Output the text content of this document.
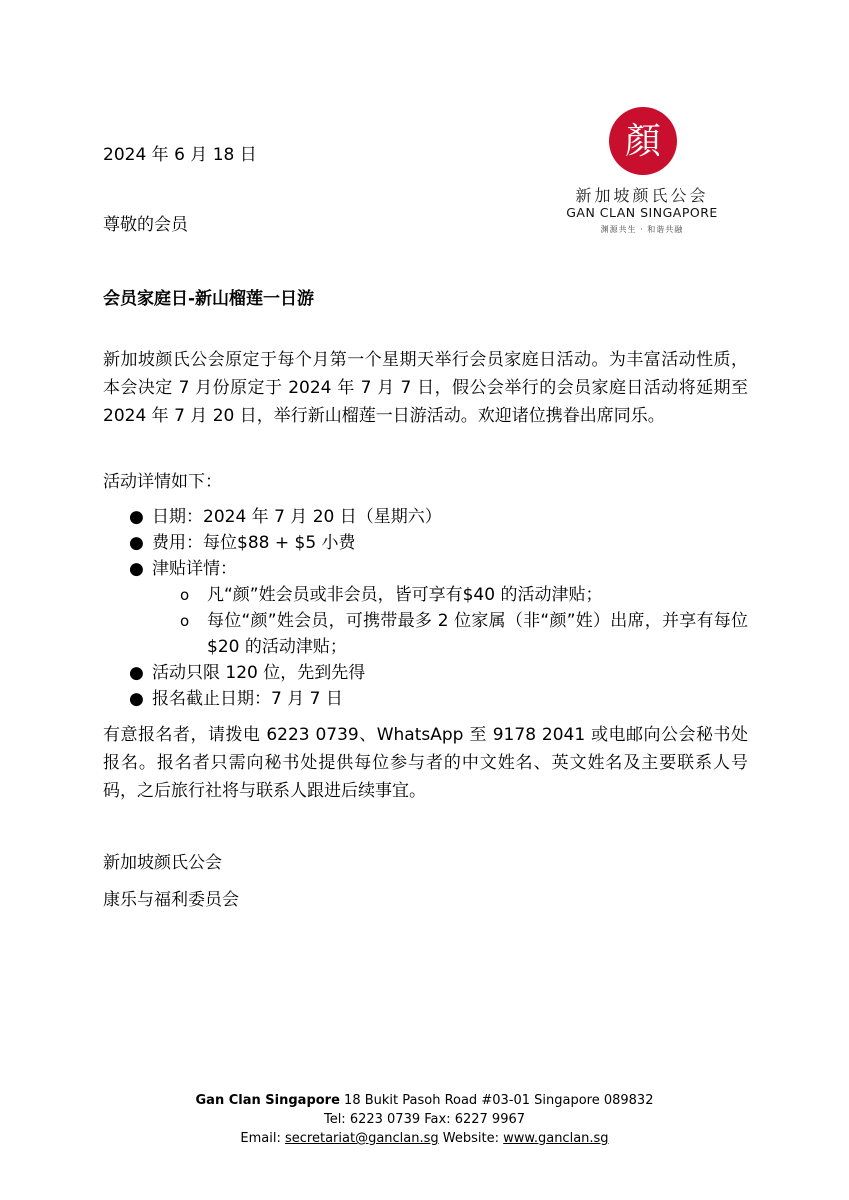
顏
新加坡颜氏公会
GAN CLAN SINGAPORE
渊源共生 · 和谐共融
2024 年 6 月 18 日
尊敬的会员
会员家庭日-新山榴莲一日游
新加坡颜氏公会原定于每个月第一个星期天举行会员家庭日活动。为丰富活动性质，本会决定 7 月份原定于 2024 年 7 月 7 日，假公会举行的会员家庭日活动将延期至 2024 年 7 月 20 日，举行新山榴莲一日游活动。欢迎诸位携眷出席同乐。
活动详情如下：
● 日期：2024 年 7 月 20 日（星期六）
● 费用：每位$88 + $5 小费
● 津贴详情：
o 凡“颜”姓会员或非会员，皆可享有$40 的活动津贴；
o 每位“颜”姓会员，可携带最多 2 位家属（非“颜”姓）出席，并享有每位$20 的活动津贴；
● 活动只限 120 位，先到先得
● 报名截止日期：7 月 7 日
有意报名者，请拨电 6223 0739、WhatsApp 至 9178 2041 或电邮向公会秘书处报名。报名者只需向秘书处提供每位参与者的中文姓名、英文姓名及主要联系人号码，之后旅行社将与联系人跟进后续事宜。
新加坡颜氏公会
康乐与福利委员会
Gan Clan Singapore 18 Bukit Pasoh Road #03-01 Singapore 089832
Tel: 6223 0739 Fax: 6227 9967
Email: secretariat@ganclan.sg Website: www.ganclan.sg
